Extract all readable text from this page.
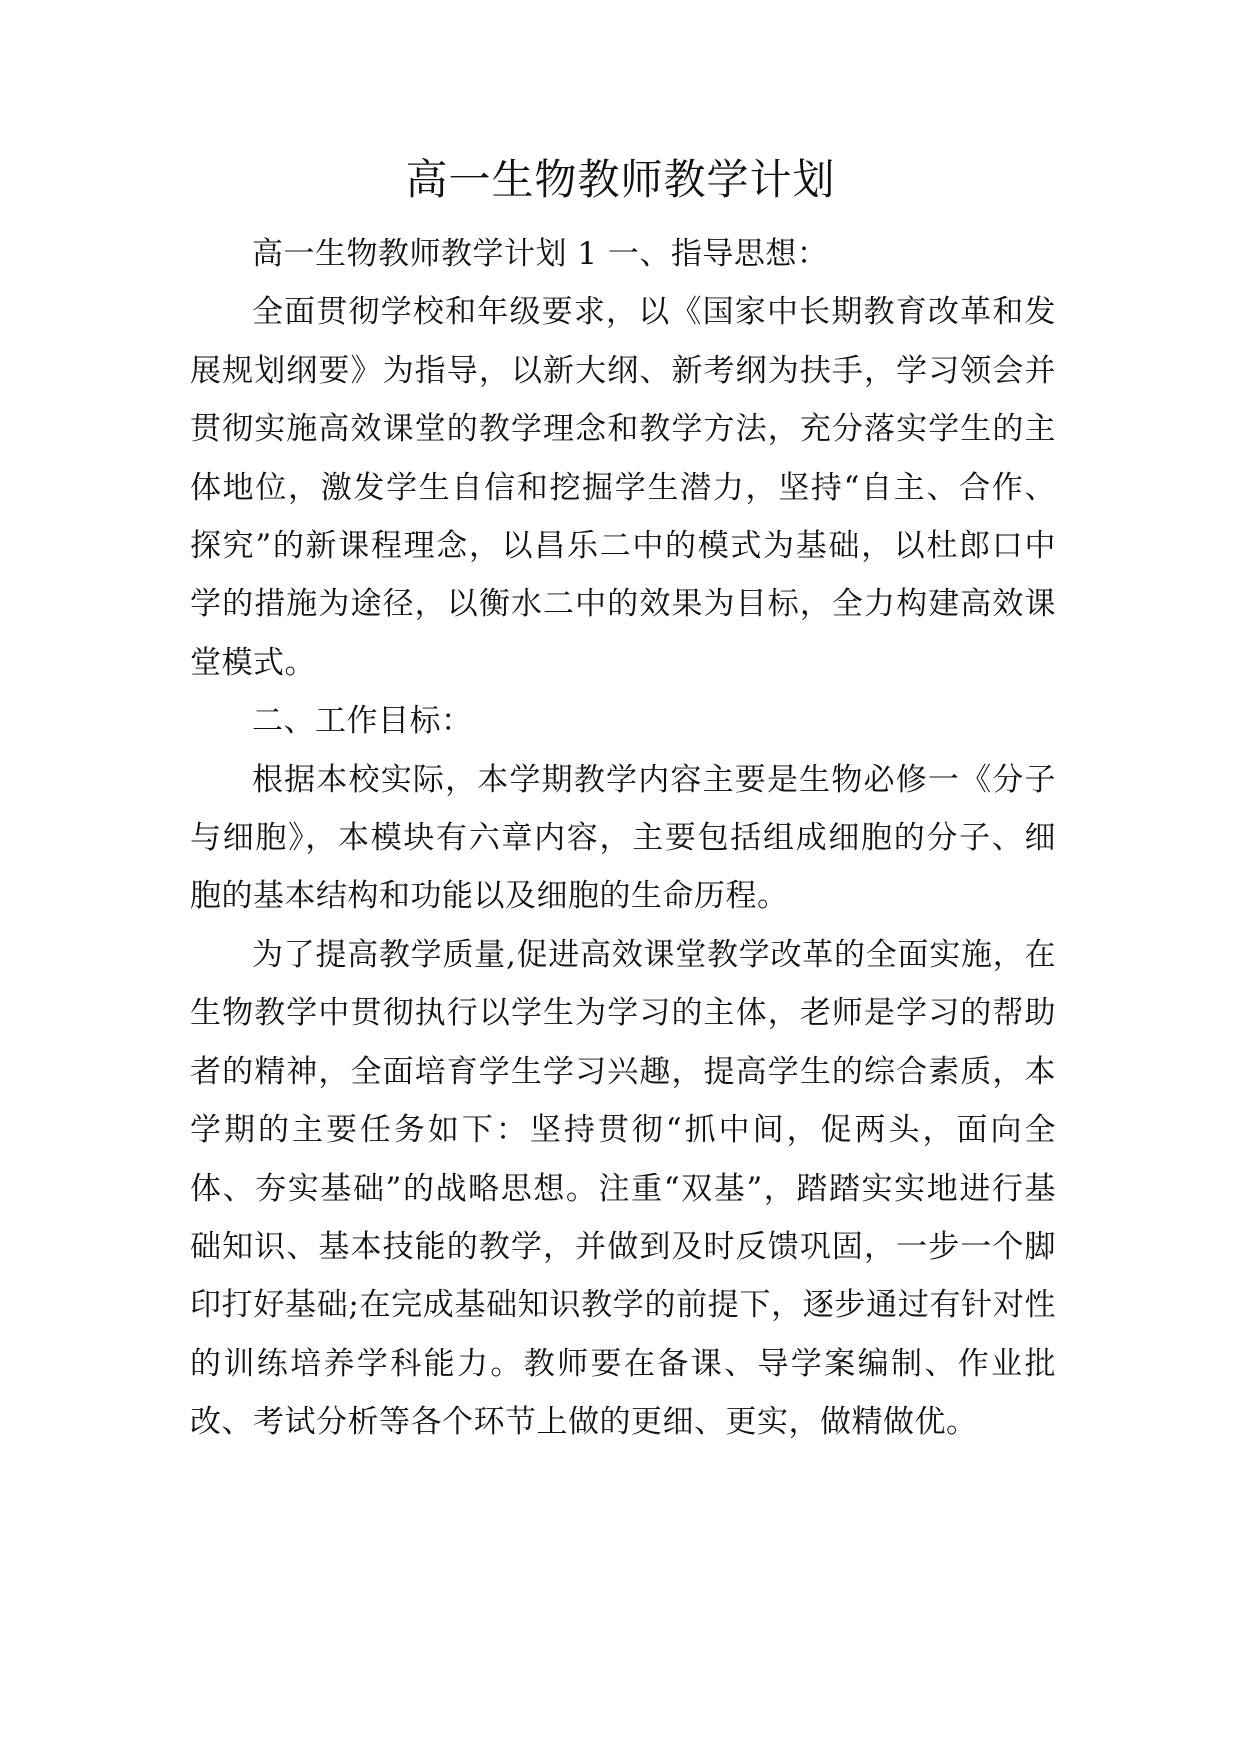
高一生物教师教学计划

高一生物教师教学计划 1 一、指导思想：

全面贯彻学校和年级要求，以《国家中长期教育改革和发展规划纲要》为指导，以新大纲、新考纲为扶手，学习领会并贯彻实施高效课堂的教学理念和教学方法，充分落实学生的主体地位，激发学生自信和挖掘学生潜力，坚持“自主、合作、探究”的新课程理念，以昌乐二中的模式为基础，以杜郎口中学的措施为途径，以衡水二中的效果为目标，全力构建高效课堂模式。

二、工作目标：

根据本校实际，本学期教学内容主要是生物必修一《分子与细胞》，本模块有六章内容，主要包括组成细胞的分子、细胞的基本结构和功能以及细胞的生命历程。

为了提高教学质量,促进高效课堂教学改革的全面实施，在生物教学中贯彻执行以学生为学习的主体，老师是学习的帮助者的精神，全面培育学生学习兴趣，提高学生的综合素质，本学期的主要任务如下：坚持贯彻“抓中间，促两头，面向全体、夯实基础”的战略思想。注重“双基”，踏踏实实地进行基础知识、基本技能的教学，并做到及时反馈巩固，一步一个脚印打好基础;在完成基础知识教学的前提下，逐步通过有针对性的训练培养学科能力。教师要在备课、导学案编制、作业批改、考试分析等各个环节上做的更细、更实，做精做优。
